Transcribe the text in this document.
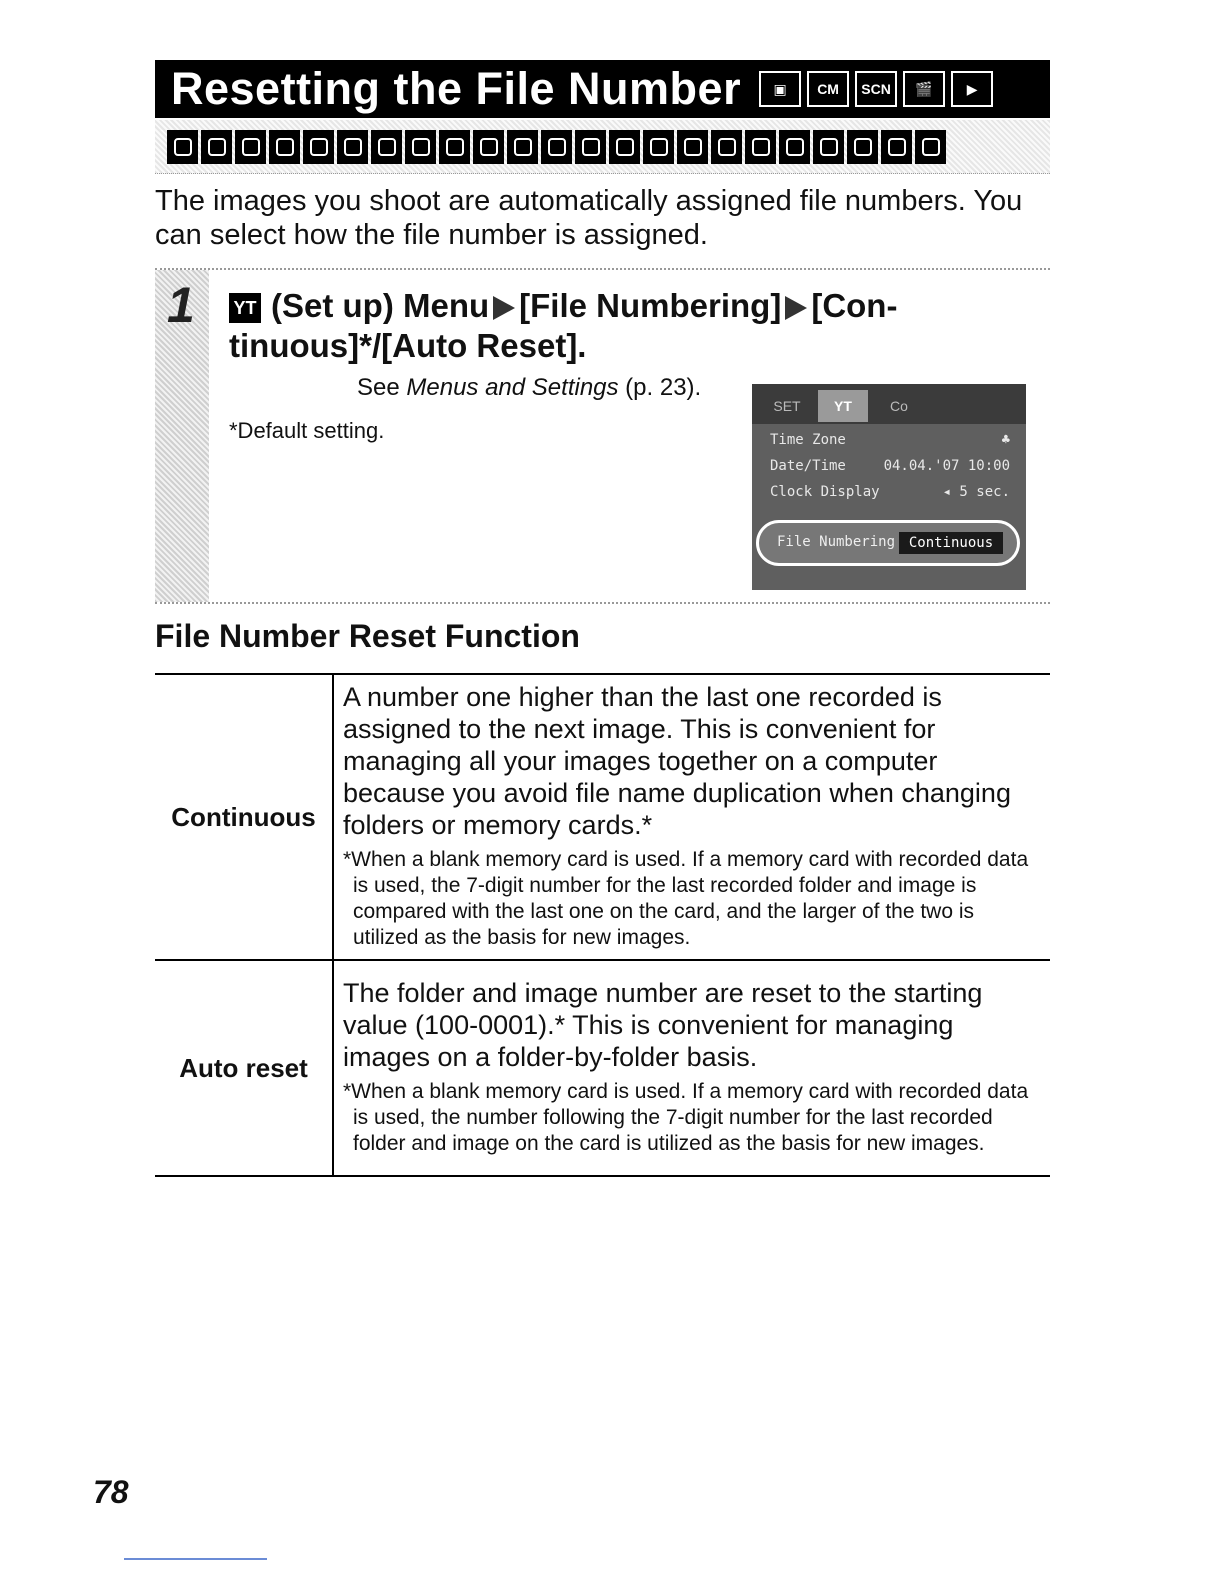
Resetting the File Number	▣	CM	SCN	🎬	▶

The images you shoot are automatically assigned file numbers. You can select how the file number is assigned.

1 YT (Set up) Menu [File Numbering] [Con-tinuous]*/[Auto Reset].

See Menus and Settings (p. 23).

*Default setting.

SET	YT	Co
Time Zone	♣
Date/Time	04.04.'07 10:00
Clock Display	◂ 5 sec.
File Numbering Continuous
File Number Reset Function
Continuous	A number one higher than the last one recorded is assigned to the next image. This is convenient for managing all your images together on a computer because you avoid file name duplication when changing folders or memory cards.*

*When a blank memory card is used. If a memory card with recorded data is used, the 7-digit number for the last recorded folder and image is compared with the last one on the card, and the larger of the two is utilized as the basis for new images.

Auto reset	The folder and image number are reset to the starting value (100-0001).* This is convenient for managing images on a folder-by-folder basis.

*When a blank memory card is used. If a memory card with recorded data is used, the number following the 7-digit number for the last recorded folder and image on the card is utilized as the basis for new images.

78
